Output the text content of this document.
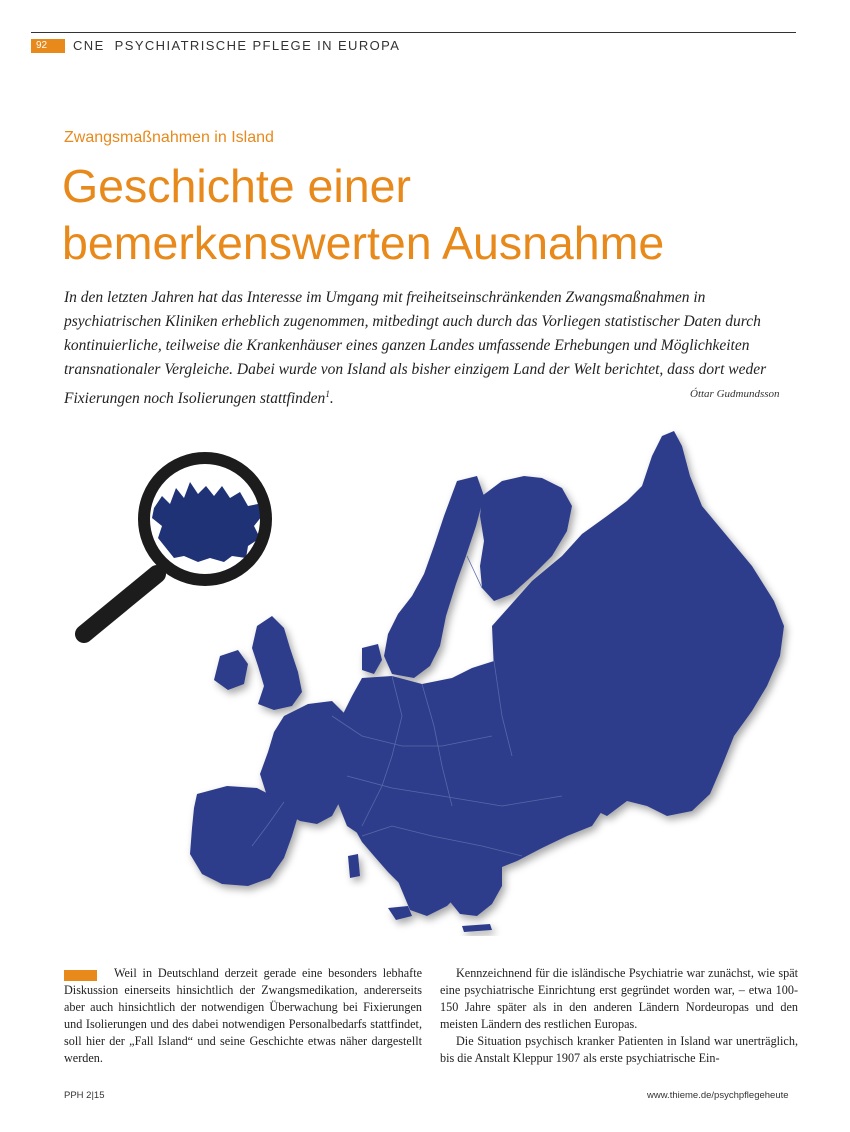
92	CNE  PSYCHIATRISCHE PFLEGE IN EUROPA
Zwangsmaßnahmen in Island
Geschichte einer
bemerkenswerten Ausnahme

In den letzten Jahren hat das Interesse im Umgang mit freiheitseinschränkenden Zwangsmaßnahmen in psychiatrischen Kliniken erheblich zugenommen, mitbedingt auch durch das Vorliegen statistischer Daten durch kontinuierliche, teilweise die Krankenhäuser eines ganzen Landes umfassende Erhebungen und Möglichkeiten transnationaler Vergleiche. Dabei wurde von Island als bisher einzigem Land der Welt berichtet, dass dort weder Fixierungen noch Isolierungen stattfinden$^1$.	Óttar Gudmundsson

Weil in Deutschland derzeit gerade eine besonders lebhafte Diskussion einerseits hinsichtlich der Zwangsmedikation, andererseits aber auch hinsichtlich der notwendigen Überwachung bei Fixierungen und Isolierungen und des dabei notwendigen Personalbedarfs stattfindet, soll hier der „Fall Island“ und seine Geschichte etwas näher dargestellt werden.

Kennzeichnend für die isländische Psychiatrie war zunächst, wie spät eine psychiatrische Einrichtung erst gegründet worden war, – etwa 100-150 Jahre später als in den anderen Ländern Nordeuropas und den meisten Ländern des restlichen Europas.

Die Situation psychisch kranker Patienten in Island war unerträglich, bis die Anstalt Kleppur 1907 als erste psychiatrische Ein-

PPH 2|15	www.thieme.de/psychpflegeheute
